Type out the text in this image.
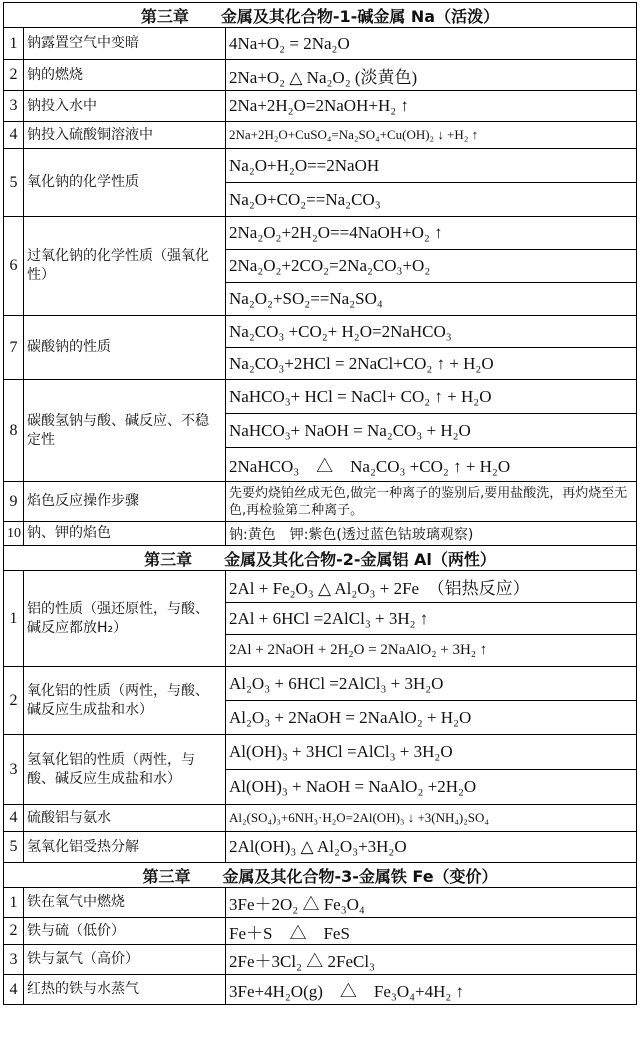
第三章　　金属及其化合物-1-碱金属 Na（活泼）		
1	钠露置空气中变暗	4Na+O₂ = 2Na₂O
2	钠的燃烧	2Na+O₂ △ Na₂O₂ (淡黄色)
3	钠投入水中	2Na+2H₂O=2NaOH+H₂ ↑
4	钠投入硫酸铜溶液中	2Na+2H₂O+CuSO₄=Na₂SO₄+Cu(OH)₂ ↓ +H₂ ↑
5	氧化钠的化学性质	Na₂O+H₂O==2NaOH
		Na₂O+CO₂==Na₂CO₃
6	过氧化钠的化学性质（强氧化性）	2Na₂O₂+2H₂O==4NaOH+O₂ ↑
		2Na₂O₂+2CO₂=2Na₂CO₃+O₂
		Na₂O₂+SO₂==Na₂SO₄
7	碳酸钠的性质	Na₂CO₃ +CO₂+ H₂O=2NaHCO₃
		Na₂CO₃+2HCl = 2NaCl+CO₂ ↑ + H₂O
8	碳酸氢钠与酸、碱反应、不稳定性	NaHCO₃+ HCl = NaCl+ CO₂ ↑ + H₂O
		NaHCO₃+ NaOH = Na₂CO₃ + H₂O
		2NaHCO₃　△　Na₂CO₃ +CO₂ ↑ + H₂O
9	焰色反应操作步骤	先要灼烧铂丝成无色,做完一种离子的鉴别后,要用盐酸洗，再灼烧至无色,再检验第二种离子。
10	钠、钾的焰色	钠:黄色　钾:紫色(透过蓝色钴玻璃观察)
第三章　　金属及其化合物-2-金属铝 Al（两性）		
1	铝的性质（强还原性，与酸、碱反应都放H₂）	2Al + Fe₂O₃ △ Al₂O₃ + 2Fe　（铝热反应）
		2Al + 6HCl =2AlCl₃ + 3H₂ ↑
		2Al + 2NaOH + 2H₂O = 2NaAlO₂ + 3H₂ ↑
2	氧化铝的性质（两性，与酸、碱反应生成盐和水）	Al₂O₃ + 6HCl =2AlCl₃ + 3H₂O
		Al₂O₃ + 2NaOH = 2NaAlO₂ + H₂O
3	氢氧化铝的性质（两性，与酸、碱反应生成盐和水）	Al(OH)₃ + 3HCl =AlCl₃ + 3H₂O
		Al(OH)₃ + NaOH = NaAlO₂ +2H₂O
4	硫酸铝与氨水	Al₂(SO₄)₃+6NH₃·H₂O=2Al(OH)₃ ↓ +3(NH₄)₂SO₄
5	氢氧化铝受热分解	2Al(OH)₃ △ Al₂O₃+3H₂O
第三章　　金属及其化合物-3-金属铁 Fe（变价）		
1	铁在氧气中燃烧	3Fe＋2O₂ △ Fe₃O₄
2	铁与硫（低价）	Fe＋S　△　FeS
3	铁与氯气（高价）	2Fe＋3Cl₂ △ 2FeCl₃
4	红热的铁与水蒸气	3Fe+4H₂O(g)　△　Fe₃O₄+4H₂ ↑
